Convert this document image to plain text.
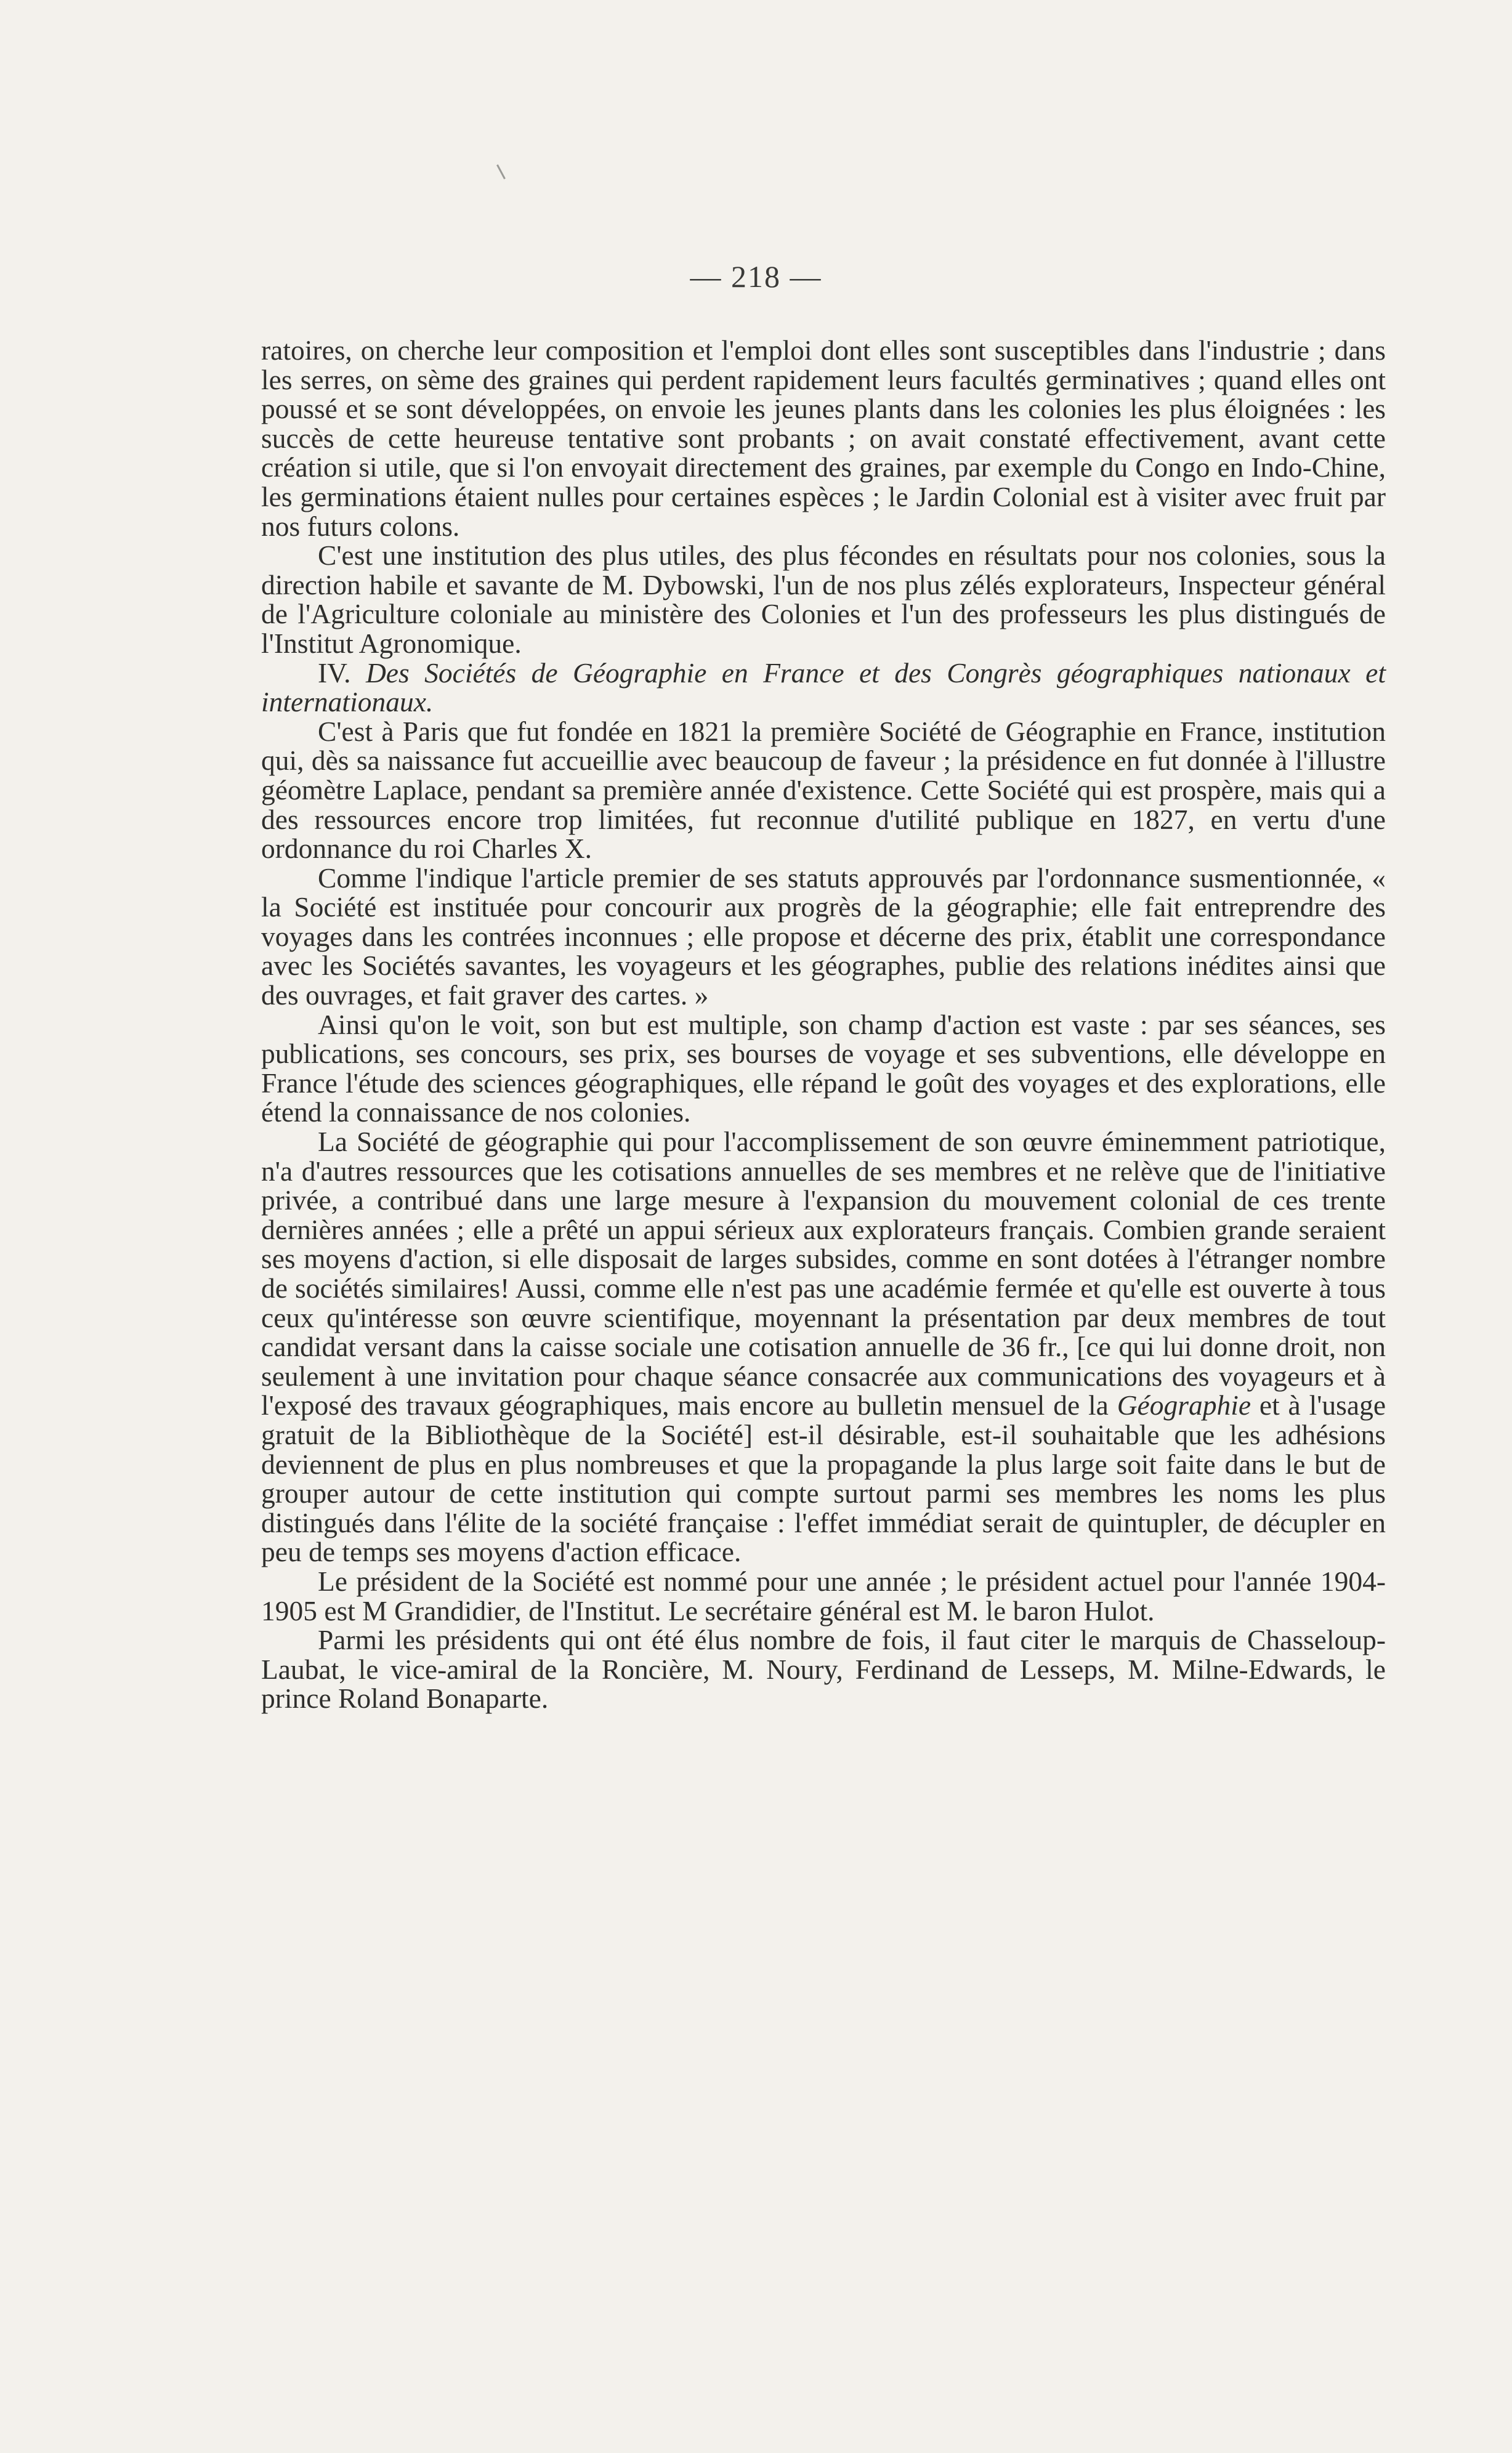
— 218 —

ratoires, on cherche leur composition et l'emploi dont elles sont susceptibles dans l'industrie ; dans les serres, on sème des graines qui perdent rapidement leurs facultés germinatives ; quand elles ont poussé et se sont développées, on envoie les jeunes plants dans les colonies les plus éloignées : les succès de cette heureuse tentative sont probants ; on avait constaté effectivement, avant cette création si utile, que si l'on envoyait directement des graines, par exemple du Congo en Indo-Chine, les germinations étaient nulles pour certaines espèces ; le Jardin Colonial est à visiter avec fruit par nos futurs colons.

C'est une institution des plus utiles, des plus fécondes en résultats pour nos colonies, sous la direction habile et savante de M. Dybowski, l'un de nos plus zélés explorateurs, Inspecteur général de l'Agriculture coloniale au ministère des Colonies et l'un des professeurs les plus distingués de l'Institut Agronomique.

IV. Des Sociétés de Géographie en France et des Congrès géographiques nationaux et internationaux.

C'est à Paris que fut fondée en 1821 la première Société de Géographie en France, institution qui, dès sa naissance fut accueillie avec beaucoup de faveur ; la présidence en fut donnée à l'illustre géomètre Laplace, pendant sa première année d'existence. Cette Société qui est prospère, mais qui a des ressources encore trop limitées, fut reconnue d'utilité publique en 1827, en vertu d'une ordonnance du roi Charles X.

Comme l'indique l'article premier de ses statuts approuvés par l'ordonnance susmentionnée, « la Société est instituée pour concourir aux progrès de la géographie; elle fait entreprendre des voyages dans les contrées inconnues ; elle propose et décerne des prix, établit une correspondance avec les Sociétés savantes, les voyageurs et les géographes, publie des relations inédites ainsi que des ouvrages, et fait graver des cartes. »

Ainsi qu'on le voit, son but est multiple, son champ d'action est vaste : par ses séances, ses publications, ses concours, ses prix, ses bourses de voyage et ses subventions, elle développe en France l'étude des sciences géographiques, elle répand le goût des voyages et des explorations, elle étend la connaissance de nos colonies.

La Société de géographie qui pour l'accomplissement de son œuvre éminemment patriotique, n'a d'autres ressources que les cotisations annuelles de ses membres et ne relève que de l'initiative privée, a contribué dans une large mesure à l'expansion du mouvement colonial de ces trente dernières années ; elle a prêté un appui sérieux aux explorateurs français. Combien grande seraient ses moyens d'action, si elle disposait de larges subsides, comme en sont dotées à l'étranger nombre de sociétés similaires! Aussi, comme elle n'est pas une académie fermée et qu'elle est ouverte à tous ceux qu'intéresse son œuvre scientifique, moyennant la présentation par deux membres de tout candidat versant dans la caisse sociale une cotisation annuelle de 36 fr., [ce qui lui donne droit, non seulement à une invitation pour chaque séance consacrée aux communications des voyageurs et à l'exposé des travaux géographiques, mais encore au bulletin mensuel de la Géographie et à l'usage gratuit de la Bibliothèque de la Société] est-il désirable, est-il souhaitable que les adhésions deviennent de plus en plus nombreuses et que la propagande la plus large soit faite dans le but de grouper autour de cette institution qui compte surtout parmi ses membres les noms les plus distingués dans l'élite de la société française : l'effet immédiat serait de quintupler, de décupler en peu de temps ses moyens d'action efficace.

Le président de la Société est nommé pour une année ; le président actuel pour l'année 1904-1905 est M Grandidier, de l'Institut. Le secrétaire général est M. le baron Hulot.

Parmi les présidents qui ont été élus nombre de fois, il faut citer le marquis de Chasseloup-Laubat, le vice-amiral de la Roncière, M. Noury, Ferdinand de Lesseps, M. Milne-Edwards, le prince Roland Bonaparte.
